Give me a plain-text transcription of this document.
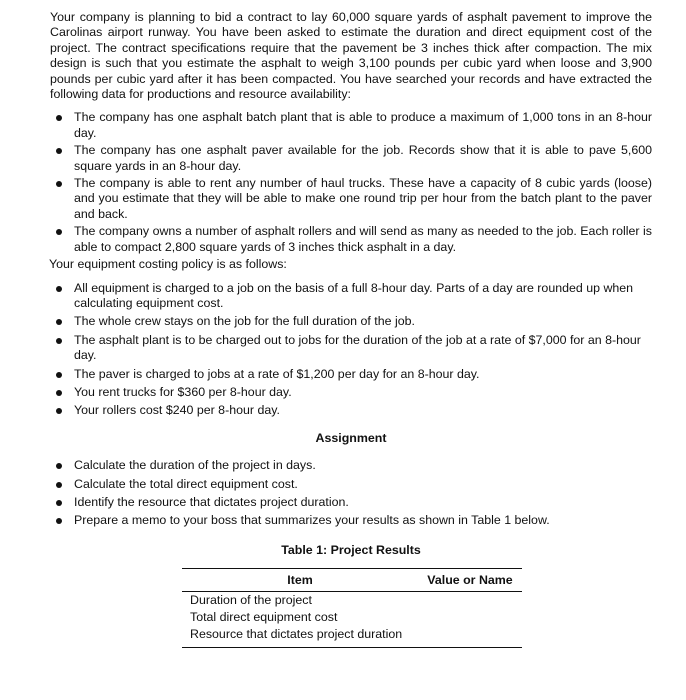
Your company is planning to bid a contract to lay 60,000 square yards of asphalt pavement to improve the Carolinas airport runway. You have been asked to estimate the duration and direct equipment cost of the project. The contract specifications require that the pavement be 3 inches thick after compaction. The mix design is such that you estimate the asphalt to weigh 3,100 pounds per cubic yard when loose and 3,900 pounds per cubic yard after it has been compacted. You have searched your records and have extracted the following data for productions and resource availability:

The company has one asphalt batch plant that is able to produce a maximum of 1,000 tons in an 8-hour day.
The company has one asphalt paver available for the job. Records show that it is able to pave 5,600 square yards in an 8-hour day.
The company is able to rent any number of haul trucks. These have a capacity of 8 cubic yards (loose) and you estimate that they will be able to make one round trip per hour from the batch plant to the paver and back.
The company owns a number of asphalt rollers and will send as many as needed to the job. Each roller is able to compact 2,800 square yards of 3 inches thick asphalt in a day.

Your equipment costing policy is as follows:

All equipment is charged to a job on the basis of a full 8-hour day. Parts of a day are rounded up when calculating equipment cost.
The whole crew stays on the job for the full duration of the job.
The asphalt plant is to be charged out to jobs for the duration of the job at a rate of $7,000 for an 8-hour day.
The paver is charged to jobs at a rate of $1,200 per day for an 8-hour day.
You rent trucks for $360 per 8-hour day.
Your rollers cost $240 per 8-hour day.
Assignment
Calculate the duration of the project in days.
Calculate the total direct equipment cost.
Identify the resource that dictates project duration.
Prepare a memo to your boss that summarizes your results as shown in Table 1 below.
Table 1: Project Results
Item	Value or Name
Duration of the project	
Total direct equipment cost	
Resource that dictates project duration	
